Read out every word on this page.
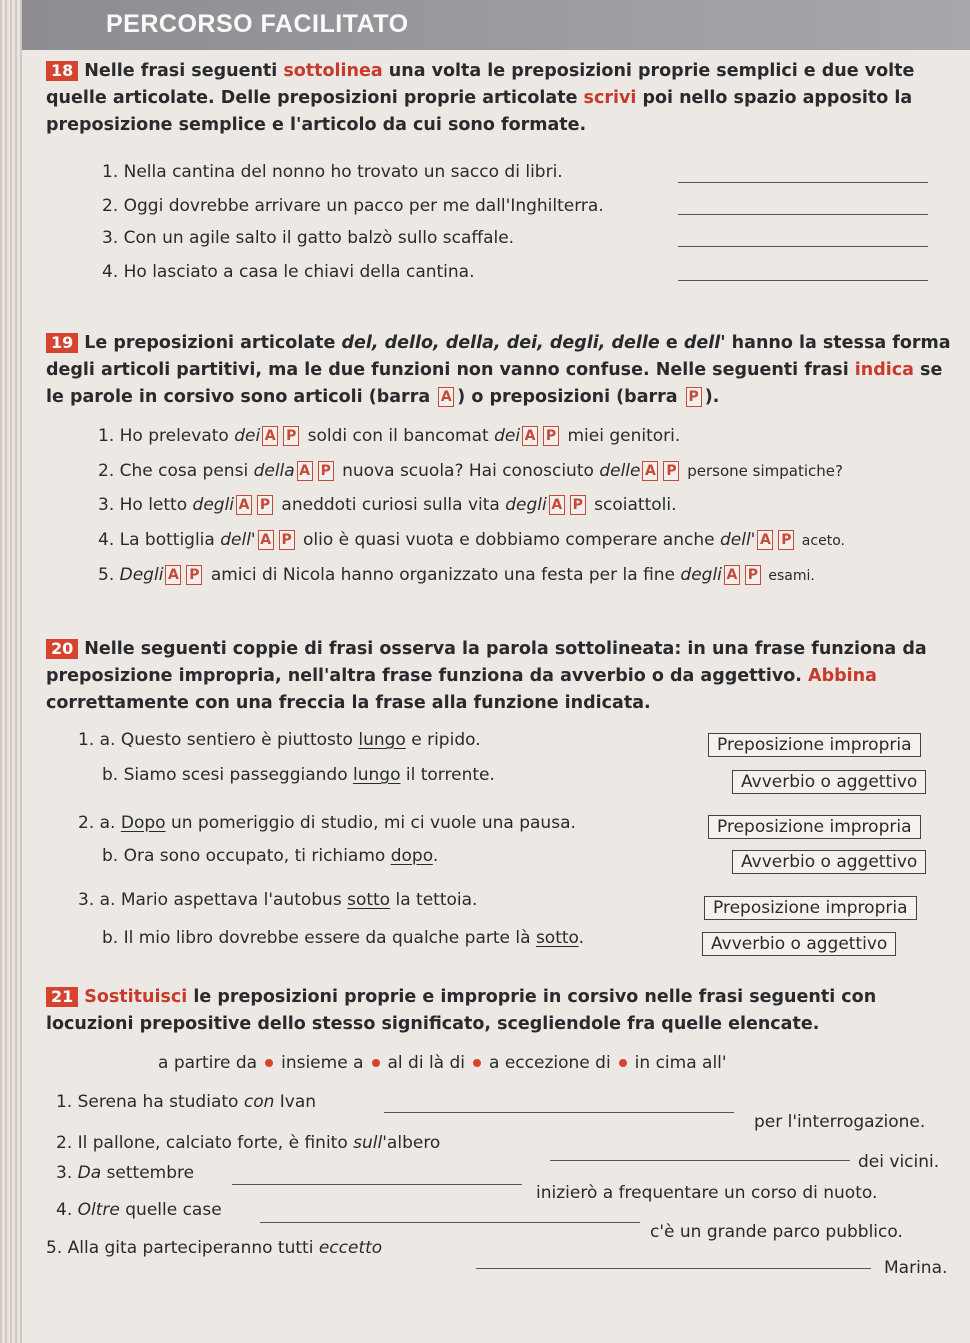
PERCORSO FACILITATO

18 Nelle frasi seguenti sottolinea una volta le preposizioni proprie semplici e due volte quelle articolate. Delle preposizioni proprie articolate scrivi poi nello spazio apposito la preposizione semplice e l'articolo da cui sono formate.

1. Nella cantina del nonno ho trovato un sacco di libri.
2. Oggi dovrebbe arrivare un pacco per me dall'Inghilterra.
3. Con un agile salto il gatto balzò sullo scaffale.
4. Ho lasciato a casa le chiavi della cantina.

19 Le preposizioni articolate del, dello, della, dei, degli, delle e dell' hanno la stessa forma degli articoli partitivi, ma le due funzioni non vanno confuse. Nelle seguenti frasi indica se le parole in corsivo sono articoli (barra A ) o preposizioni (barra P ).

1. Ho prelevato dei A P soldi con il bancomat dei A P miei genitori.
2. Che cosa pensi della A P nuova scuola? Hai conosciuto delle A P persone simpatiche?
3. Ho letto degli A P aneddoti curiosi sulla vita degli A P scoiattoli.
4. La bottiglia dell' A P olio è quasi vuota e dobbiamo comperare anche dell' A P aceto.
5. Degli A P amici di Nicola hanno organizzato una festa per la fine degli A P esami.

20 Nelle seguenti coppie di frasi osserva la parola sottolineata: in una frase funziona da preposizione impropria, nell'altra frase funziona da avverbio o da aggettivo. Abbina correttamente con una freccia la frase alla funzione indicata.

1. a. Questo sentiero è piuttosto lungo e ripido.	Preposizione impropria
b. Siamo scesi passeggiando lungo il torrente.	Avverbio o aggettivo
2. a. Dopo un pomeriggio di studio, mi ci vuole una pausa.	Preposizione impropria
b. Ora sono occupato, ti richiamo dopo.	Avverbio o aggettivo
3. a. Mario aspettava l'autobus sotto la tettoia.	Preposizione impropria
b. Il mio libro dovrebbe essere da qualche parte là sotto.	Avverbio o aggettivo

21 Sostituisci le preposizioni proprie e improprie in corsivo nelle frasi seguenti con locuzioni prepositive dello stesso significato, scegliendole fra quelle elencate.

a partire da insieme a al di là di a eccezione di in cima all'
1. Serena ha studiato con Ivan
per l'interrogazione.
2. Il pallone, calciato forte, è finito sull'albero
dei vicini.
3. Da settembre
inizierò a frequentare un corso di nuoto.
4. Oltre quelle case
c'è un grande parco pubblico.
5. Alla gita parteciperanno tutti eccetto
Marina.
